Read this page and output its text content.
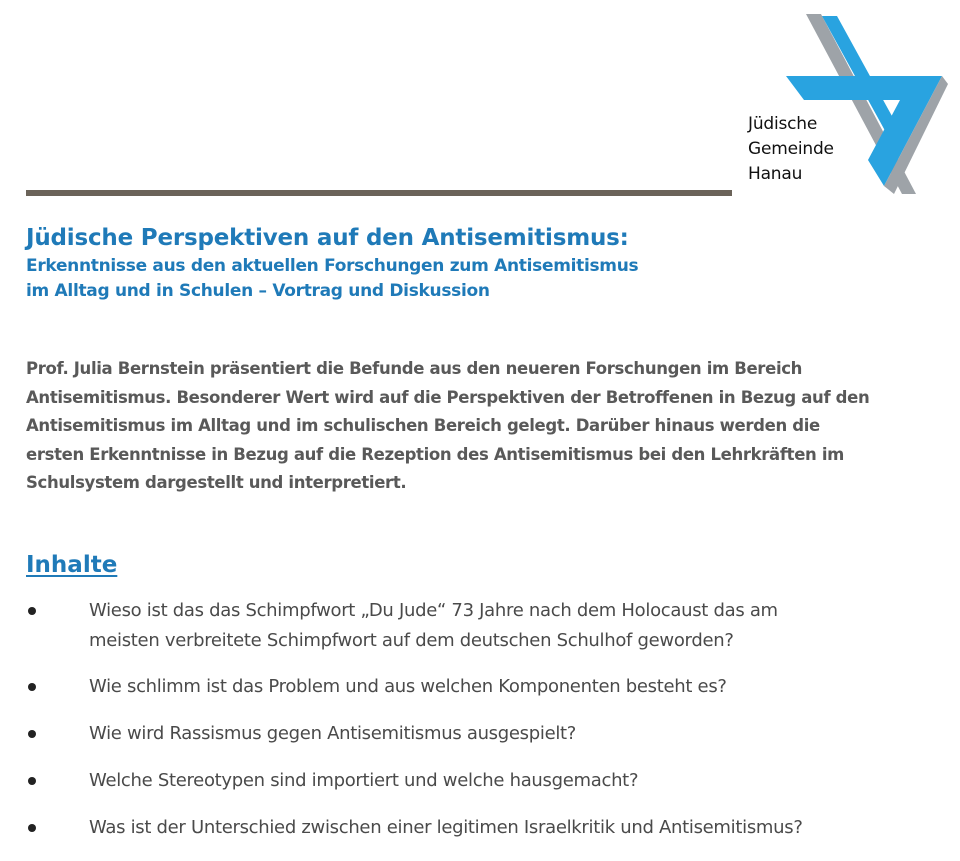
Jüdische
Gemeinde
Hanau
Jüdische Perspektiven auf den Antisemitismus:
Erkenntnisse aus den aktuellen Forschungen zum Antisemitismus
im Alltag und in Schulen – Vortrag und Diskussion
Prof. Julia Bernstein präsentiert die Befunde aus den neueren Forschungen im Bereich
Antisemitismus. Besonderer Wert wird auf die Perspektiven der Betroffenen in Bezug auf den
Antisemitismus im Alltag und im schulischen Bereich gelegt. Darüber hinaus werden die
ersten Erkenntnisse in Bezug auf die Rezeption des Antisemitismus bei den Lehrkräften im
Schulsystem dargestellt und interpretiert.
Inhalte
Wieso ist das das Schimpfwort „Du Jude“ 73 Jahre nach dem Holocaust das am
meisten verbreitete Schimpfwort auf dem deutschen Schulhof geworden?
Wie schlimm ist das Problem und aus welchen Komponenten besteht es?
Wie wird Rassismus gegen Antisemitismus ausgespielt?
Welche Stereotypen sind importiert und welche hausgemacht?
Was ist der Unterschied zwischen einer legitimen Israelkritik und Antisemitismus?
